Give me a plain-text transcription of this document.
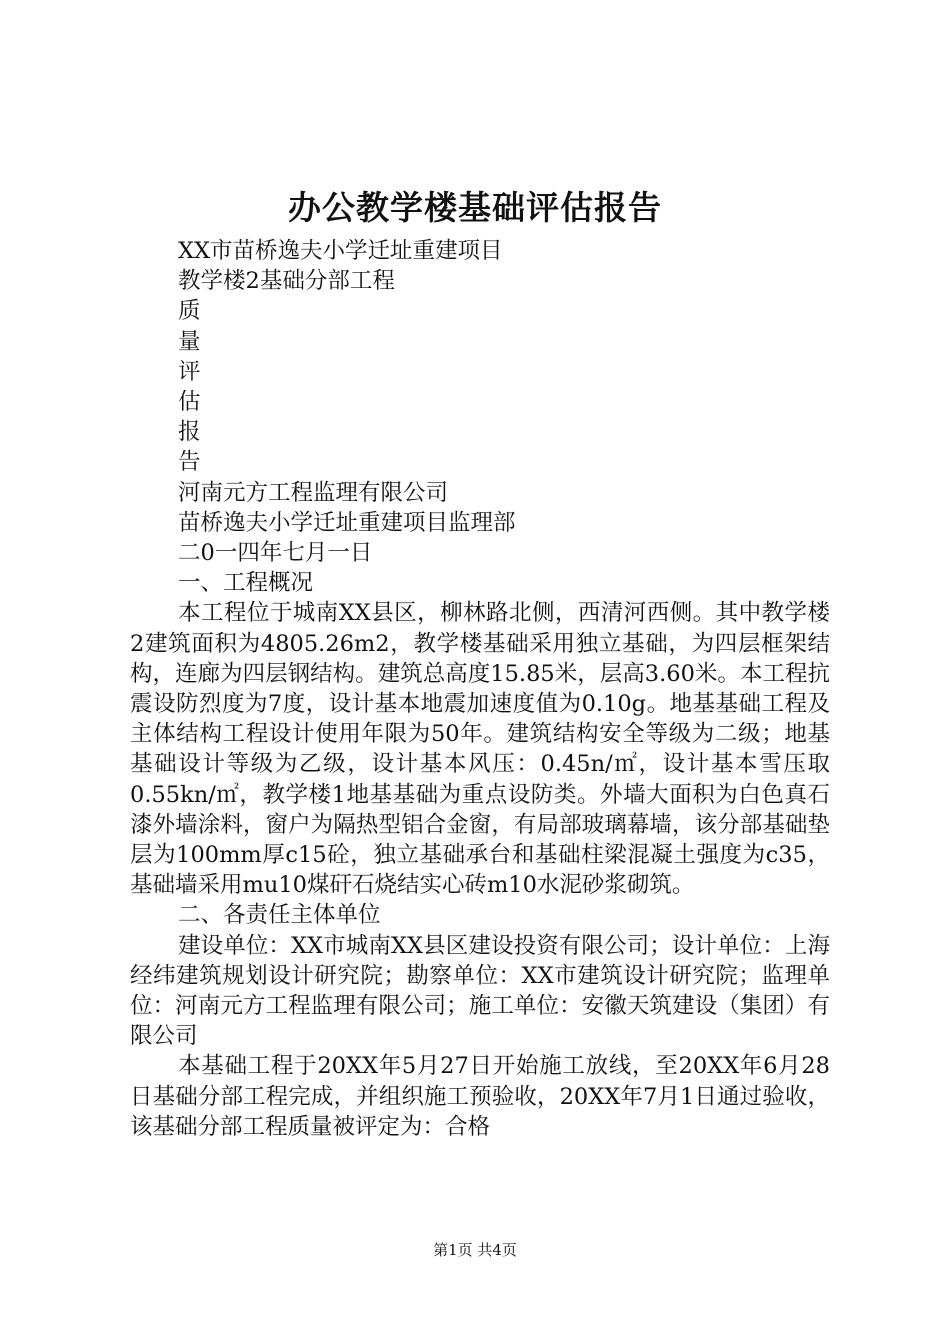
办公教学楼基础评估报告
XX市苗桥逸夫小学迁址重建项目
教学楼2基础分部工程
质
量
评
估
报
告
河南元方工程监理有限公司
苗桥逸夫小学迁址重建项目监理部
二0一四年七月一日
一、工程概况

本工程位于城南XX县区，柳林路北侧，西清河西侧。其中教学楼2建筑面积为4805.26m2，教学楼基础采用独立基础，为四层框架结构，连廊为四层钢结构。建筑总高度15.85米，层高3.60米。本工程抗震设防烈度为7度，设计基本地震加速度值为0.10g。地基基础工程及主体结构工程设计使用年限为50年。建筑结构安全等级为二级；地基基础设计等级为乙级，设计基本风压：0.45n/㎡，设计基本雪压取0.55kn/㎡，教学楼1地基基础为重点设防类。外墙大面积为白色真石漆外墙涂料，窗户为隔热型铝合金窗，有局部玻璃幕墙，该分部基础垫层为100mm厚c15砼，独立基础承台和基础柱梁混凝土强度为c35，基础墙采用mu10煤矸石烧结实心砖m10水泥砂浆砌筑。

二、各责任主体单位

建设单位：XX市城南XX县区建设投资有限公司；设计单位：上海经纬建筑规划设计研究院；勘察单位：XX市建筑设计研究院；监理单位：河南元方工程监理有限公司；施工单位：安徽天筑建设（集团）有限公司

本基础工程于20XX年5月27日开始施工放线，至20XX年6月28日基础分部工程完成，并组织施工预验收，20XX年7月1日通过验收，该基础分部工程质量被评定为：合格

第1页 共4页
